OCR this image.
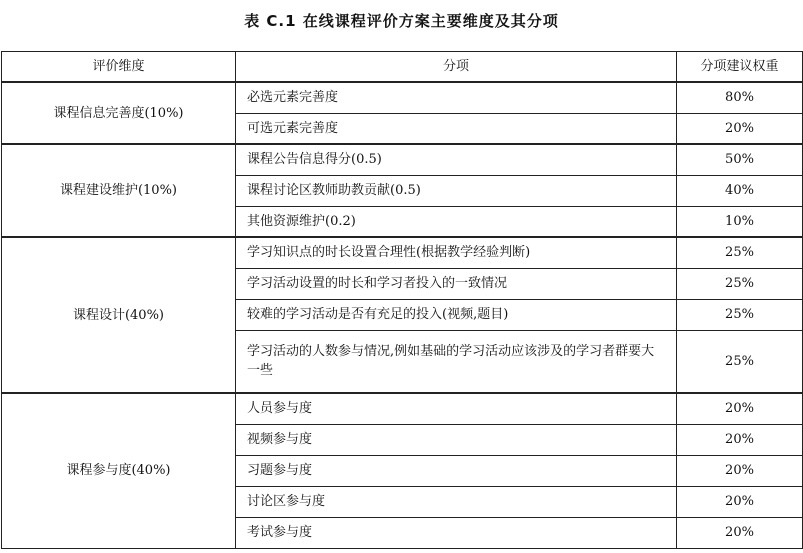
表 C.1 在线课程评价方案主要维度及其分项
评价维度	分项	分项建议权重
课程信息完善度(10%)	必选元素完善度	80%
	可选元素完善度	20%
课程建设维护(10%)	课程公告信息得分(0.5)	50%
	课程讨论区教师助教贡献(0.5)	40%
	其他资源维护(0.2)	10%
课程设计(40%)	学习知识点的时长设置合理性(根据教学经验判断)	25%
	学习活动设置的时长和学习者投入的一致情况	25%
	较难的学习活动是否有充足的投入(视频,题目)	25%
	学习活动的人数参与情况,例如基础的学习活动应该涉及的学习者群要大一些	25%
课程参与度(40%)	人员参与度	20%
	视频参与度	20%
	习题参与度	20%
	讨论区参与度	20%
	考试参与度	20%
